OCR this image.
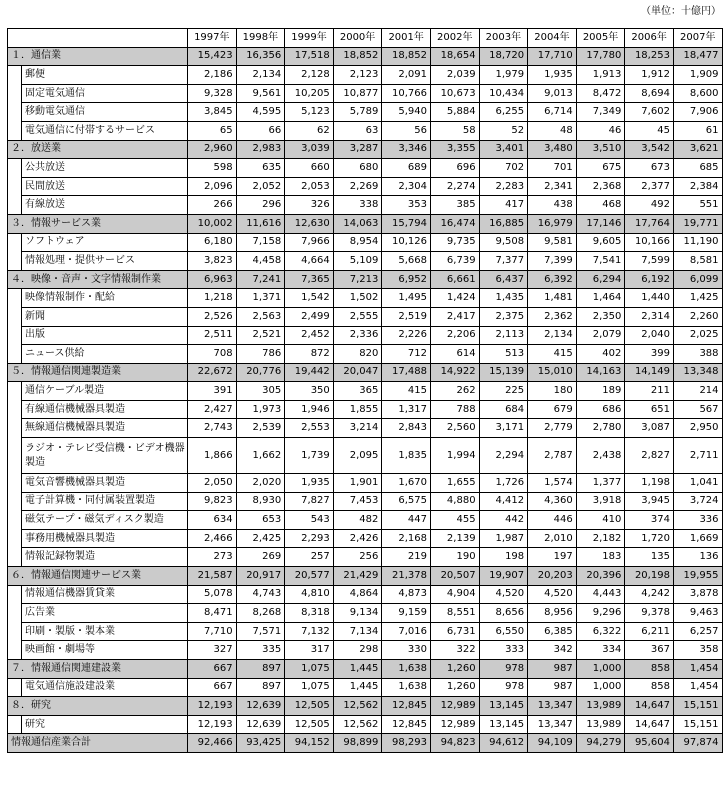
（単位：十億円）
		1997年	1998年	1999年	2000年	2001年	2002年	2003年	2004年	2005年	2006年	2007年
１．通信業		15,423	16,356	17,518	18,852	18,852	18,654	18,720	17,710	17,780	18,253	18,477
	郵便	2,186	2,134	2,128	2,123	2,091	2,039	1,979	1,935	1,913	1,912	1,909
	固定電気通信	9,328	9,561	10,205	10,877	10,766	10,673	10,434	9,013	8,472	8,694	8,600
	移動電気通信	3,845	4,595	5,123	5,789	5,940	5,884	6,255	6,714	7,349	7,602	7,906
	電気通信に付帯するサービス	65	66	62	63	56	58	52	48	46	45	61
２．放送業		2,960	2,983	3,039	3,287	3,346	3,355	3,401	3,480	3,510	3,542	3,621
	公共放送	598	635	660	680	689	696	702	701	675	673	685
	民間放送	2,096	2,052	2,053	2,269	2,304	2,274	2,283	2,341	2,368	2,377	2,384
	有線放送	266	296	326	338	353	385	417	438	468	492	551
３．情報サービス業		10,002	11,616	12,630	14,063	15,794	16,474	16,885	16,979	17,146	17,764	19,771
	ソフトウェア	6,180	7,158	7,966	8,954	10,126	9,735	9,508	9,581	9,605	10,166	11,190
	情報処理・提供サービス	3,823	4,458	4,664	5,109	5,668	6,739	7,377	7,399	7,541	7,599	8,581
４．映像・音声・文字情報制作業		6,963	7,241	7,365	7,213	6,952	6,661	6,437	6,392	6,294	6,192	6,099
	映像情報制作・配給	1,218	1,371	1,542	1,502	1,495	1,424	1,435	1,481	1,464	1,440	1,425
	新聞	2,526	2,563	2,499	2,555	2,519	2,417	2,375	2,362	2,350	2,314	2,260
	出版	2,511	2,521	2,452	2,336	2,226	2,206	2,113	2,134	2,079	2,040	2,025
	ニュース供給	708	786	872	820	712	614	513	415	402	399	388
５．情報通信関連製造業		22,672	20,776	19,442	20,047	17,488	14,922	15,139	15,010	14,163	14,149	13,348
	通信ケーブル製造	391	305	350	365	415	262	225	180	189	211	214
	有線通信機械器具製造	2,427	1,973	1,946	1,855	1,317	788	684	679	686	651	567
	無線通信機械器具製造	2,743	2,539	2,553	3,214	2,843	2,560	3,171	2,779	2,780	3,087	2,950
	ラジオ・テレビ受信機・ビデオ機器製造	1,866	1,662	1,739	2,095	1,835	1,994	2,294	2,787	2,438	2,827	2,711
	電気音響機械器具製造	2,050	2,020	1,935	1,901	1,670	1,655	1,726	1,574	1,377	1,198	1,041
	電子計算機・同付属装置製造	9,823	8,930	7,827	7,453	6,575	4,880	4,412	4,360	3,918	3,945	3,724
	磁気テープ・磁気ディスク製造	634	653	543	482	447	455	442	446	410	374	336
	事務用機械器具製造	2,466	2,425	2,293	2,426	2,168	2,139	1,987	2,010	2,182	1,720	1,669
	情報記録物製造	273	269	257	256	219	190	198	197	183	135	136
６．情報通信関連サービス業		21,587	20,917	20,577	21,429	21,378	20,507	19,907	20,203	20,396	20,198	19,955
	情報通信機器賃貸業	5,078	4,743	4,810	4,864	4,873	4,904	4,520	4,520	4,443	4,242	3,878
	広告業	8,471	8,268	8,318	9,134	9,159	8,551	8,656	8,956	9,296	9,378	9,463
	印刷・製版・製本業	7,710	7,571	7,132	7,134	7,016	6,731	6,550	6,385	6,322	6,211	6,257
	映画館・劇場等	327	335	317	298	330	322	333	342	334	367	358
７．情報通信関連建設業		667	897	1,075	1,445	1,638	1,260	978	987	1,000	858	1,454
	電気通信施設建設業	667	897	1,075	1,445	1,638	1,260	978	987	1,000	858	1,454
８．研究		12,193	12,639	12,505	12,562	12,845	12,989	13,145	13,347	13,989	14,647	15,151
	研究	12,193	12,639	12,505	12,562	12,845	12,989	13,145	13,347	13,989	14,647	15,151
情報通信産業合計		92,466	93,425	94,152	98,899	98,293	94,823	94,612	94,109	94,279	95,604	97,874
